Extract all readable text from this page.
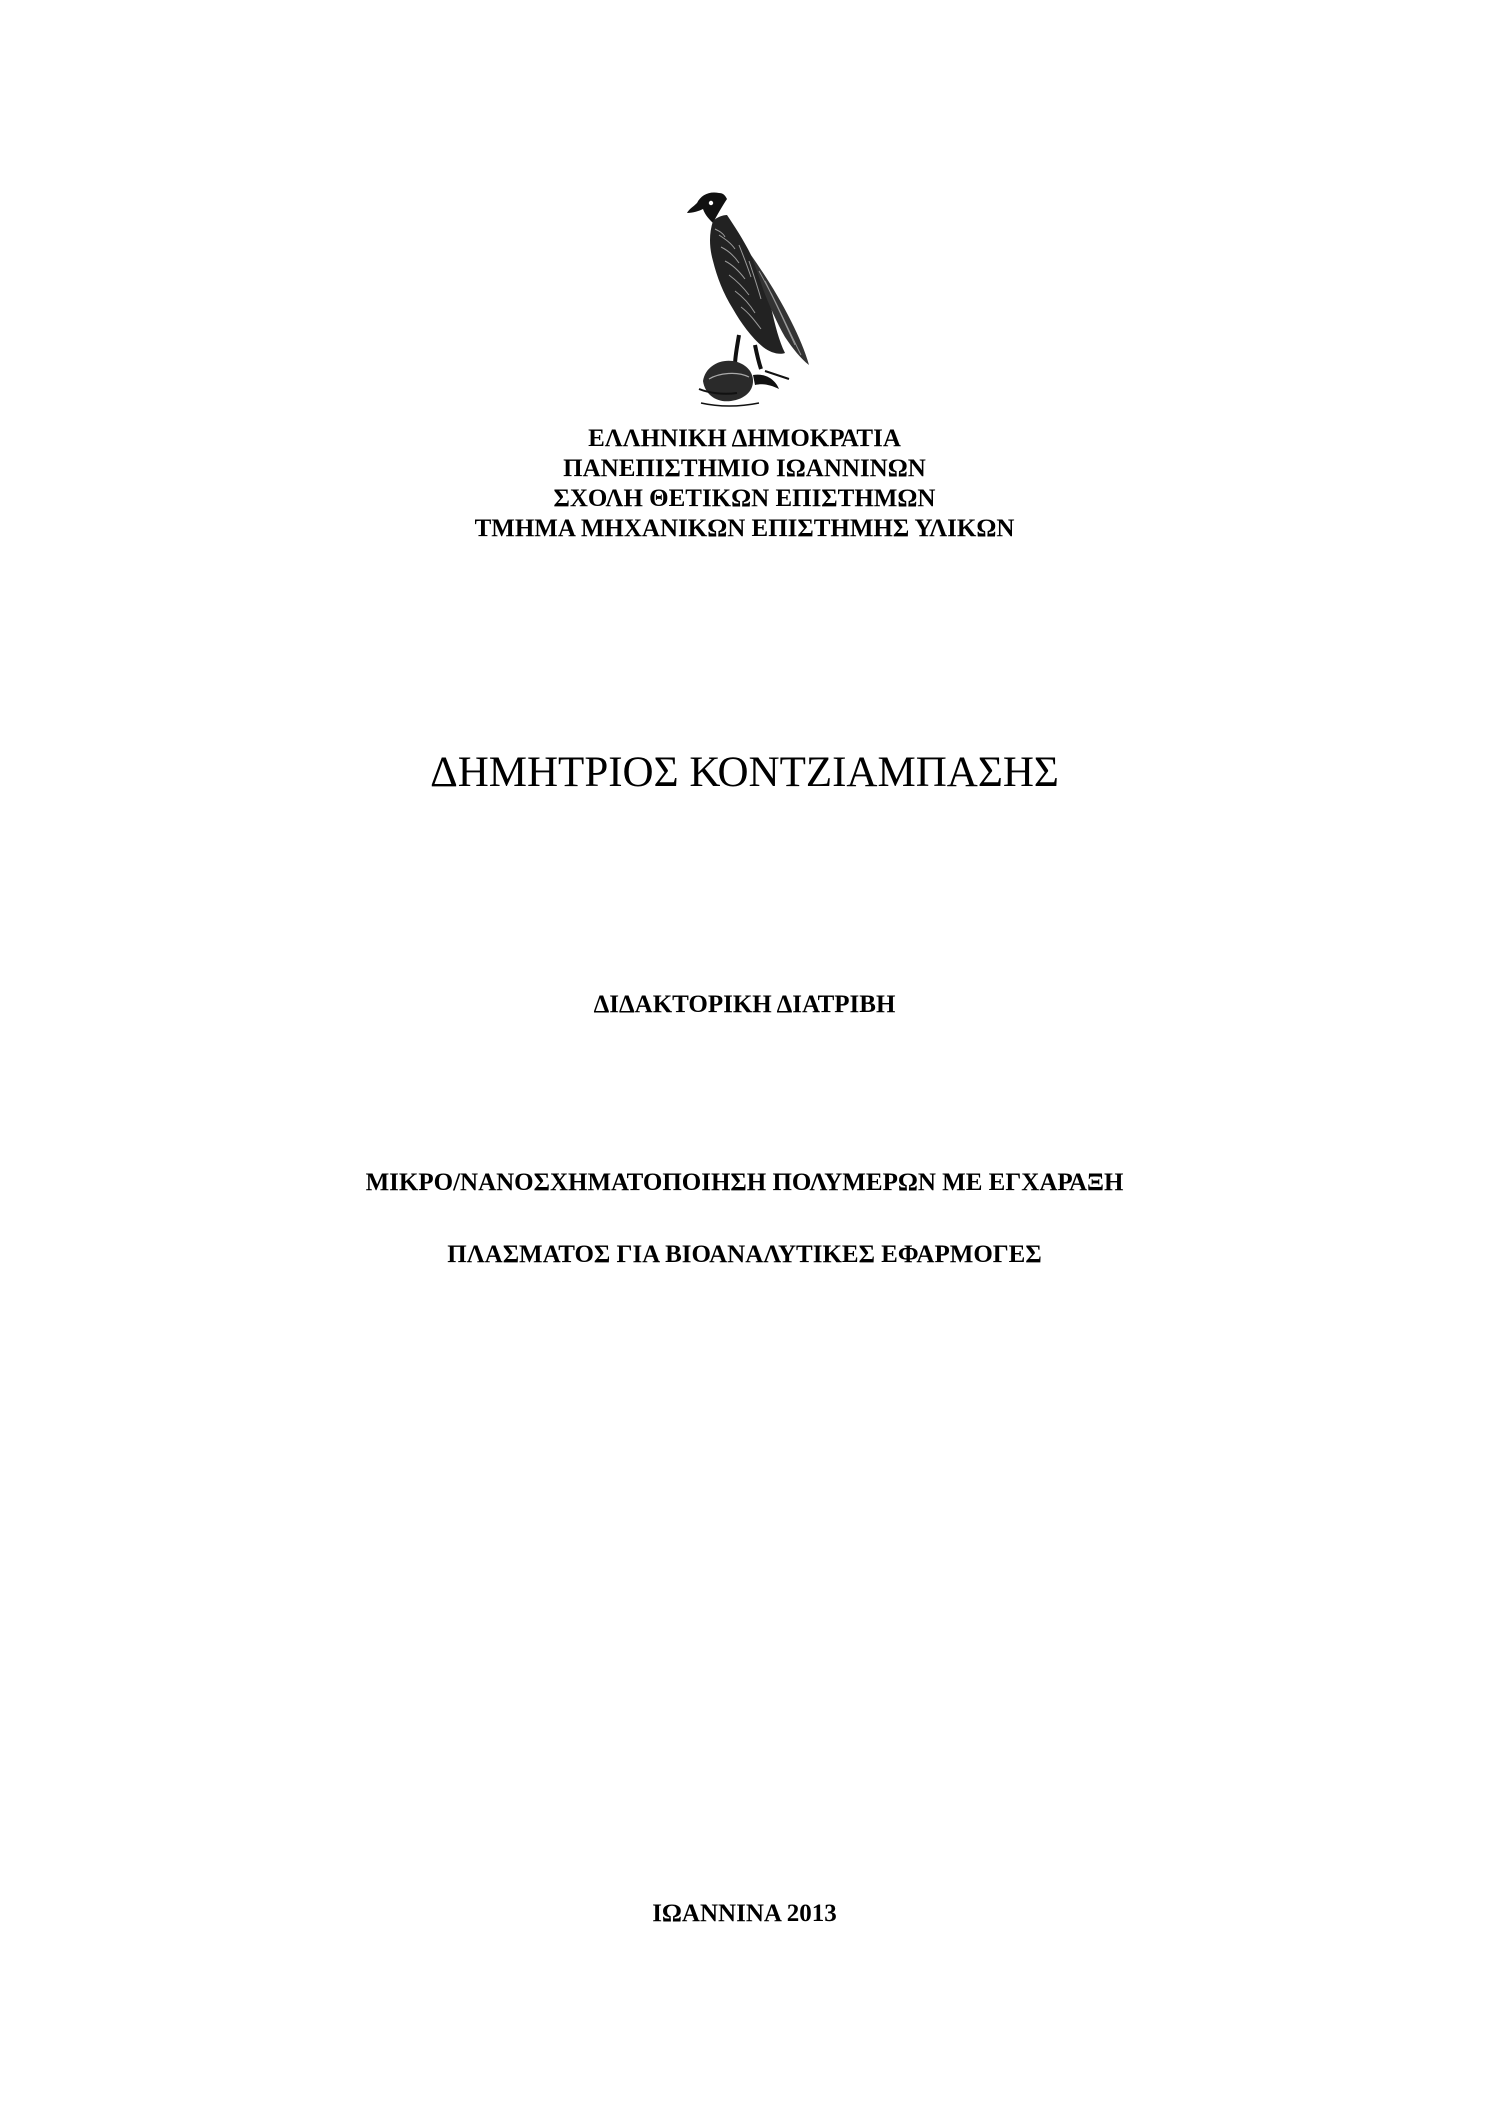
ΕΛΛΗΝΙΚΗ ΔΗΜΟΚΡΑΤΙΑ
ΠΑΝΕΠΙΣΤΗΜΙΟ ΙΩΑΝΝΙΝΩΝ
ΣΧΟΛΗ ΘΕΤΙΚΩΝ ΕΠΙΣΤΗΜΩΝ
ΤΜΗΜΑ ΜΗΧΑΝΙΚΩΝ ΕΠΙΣΤΗΜΗΣ ΥΛΙΚΩΝ
ΔΗΜΗΤΡΙΟΣ ΚΟΝΤΖΙΑΜΠΑΣΗΣ
ΔΙΔΑΚΤΟΡΙΚΗ ΔΙΑΤΡΙΒΗ
ΜΙΚΡΟ/ΝΑΝΟΣΧΗΜΑΤΟΠΟΙΗΣΗ ΠΟΛΥΜΕΡΩΝ ΜΕ ΕΓΧΑΡΑΞΗ
ΠΛΑΣΜΑΤΟΣ ΓΙΑ ΒΙΟΑΝΑΛΥΤΙΚΕΣ ΕΦΑΡΜΟΓΕΣ
ΙΩΑΝΝΙΝΑ 2013
